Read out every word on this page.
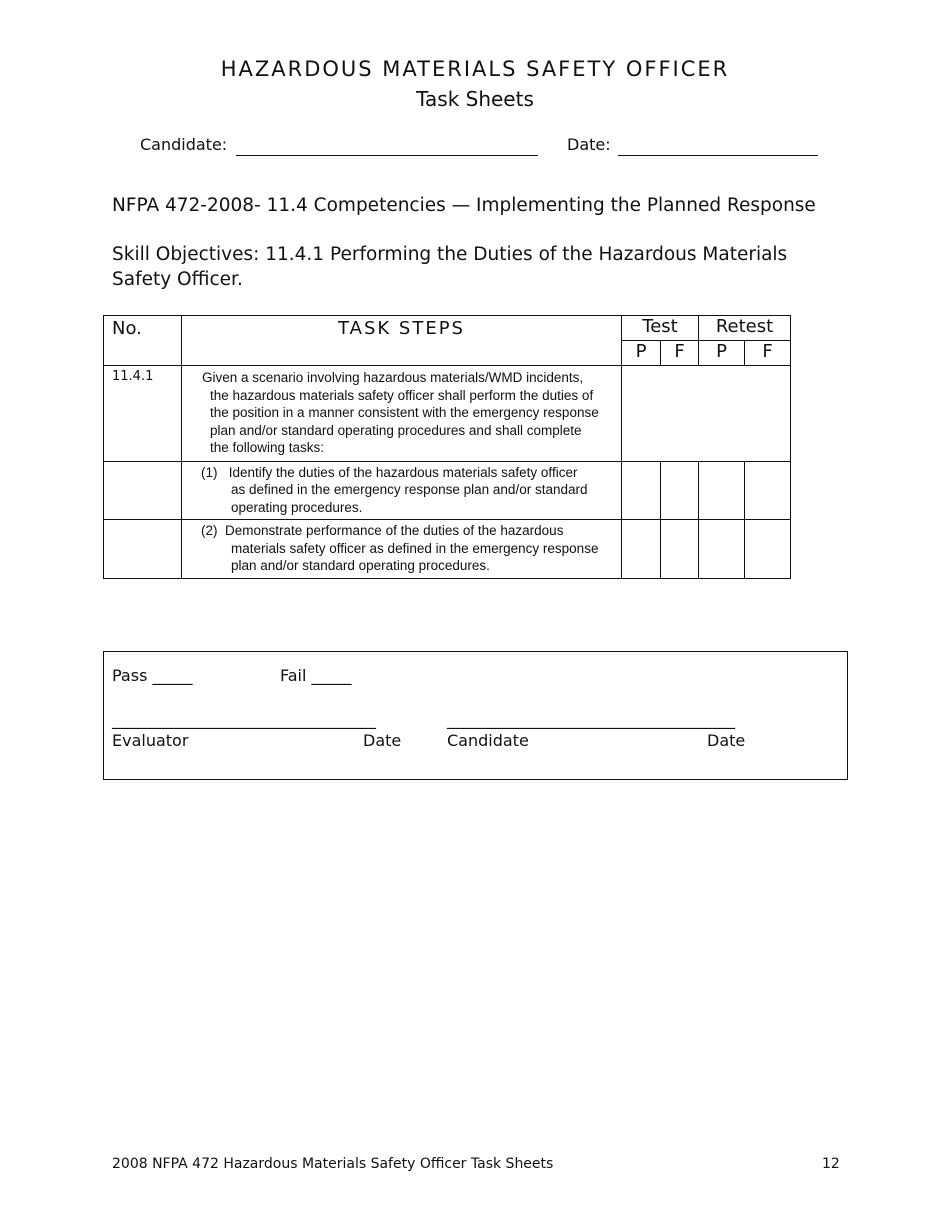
HAZARDOUS MATERIALS SAFETY OFFICER
Task Sheets
Candidate:	Date:
NFPA 472-2008- 11.4 Competencies — Implementing the Planned Response
Skill Objectives: 11.4.1 Performing the Duties of the Hazardous Materials
Safety Officer.
No.	TASK STEPS	Test		Retest	
		P	F	P	F
11.4.1	Given a scenario involving hazardous materials/WMD incidents,
the hazardous materials safety officer shall perform the duties of
the position in a manner consistent with the emergency response
plan and/or standard operating procedures and shall complete
the following tasks:				

	(1)   Identify the duties of the hazardous materials safety officer
as defined in the emergency response plan and/or standard
operating procedures.				

	(2)  Demonstrate performance of the duties of the hazardous
materials safety officer as defined in the emergency response
plan and/or standard operating procedures.				

Pass _____	Fail _____
_________________________________	____________________________________
Evaluator	Date	Candidate	Date
2008 NFPA 472 Hazardous Materials Safety Officer Task Sheets	12
